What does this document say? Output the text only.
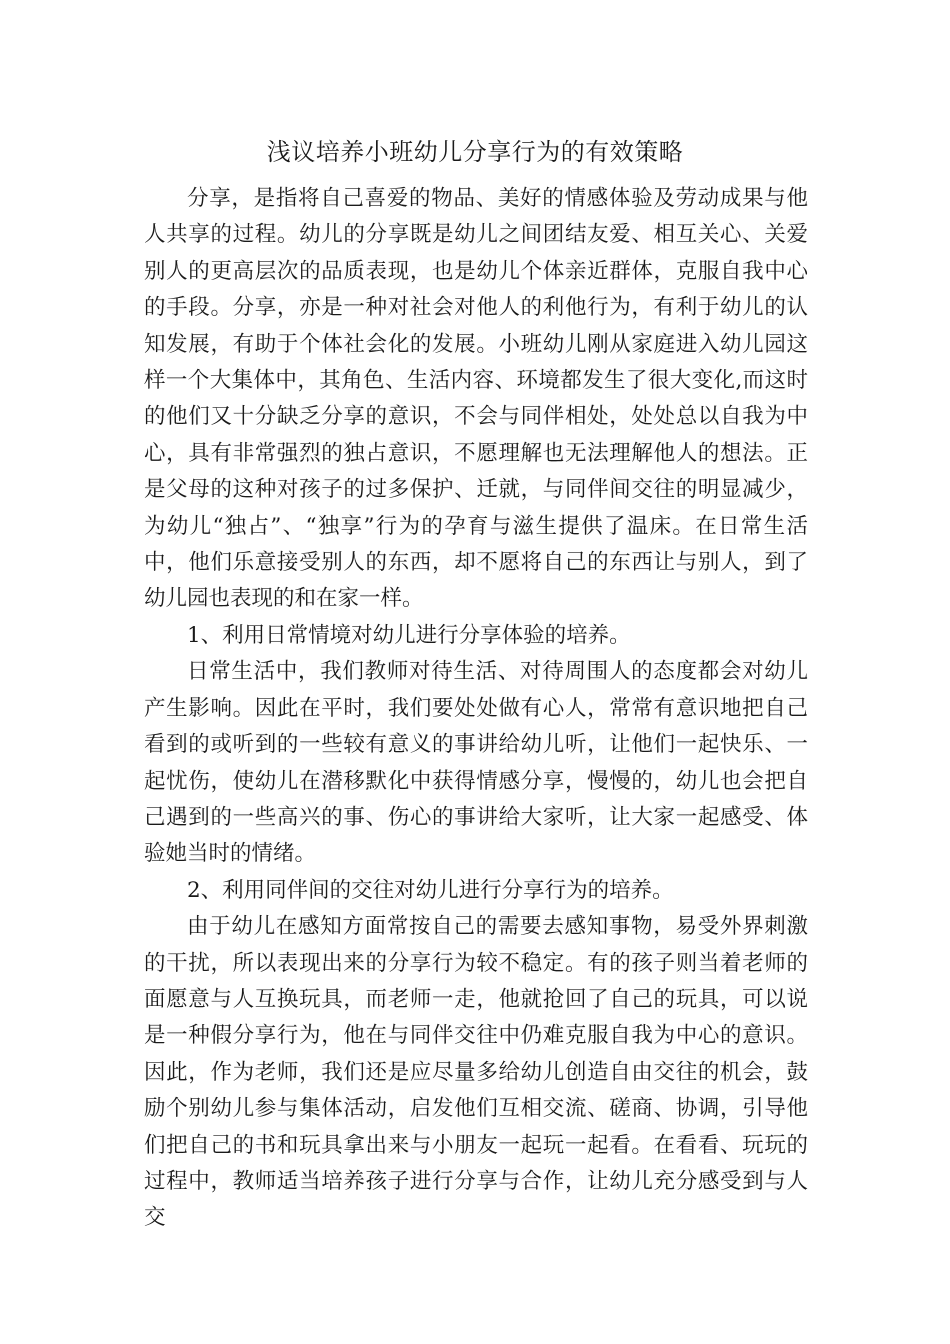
浅议培养小班幼儿分享行为的有效策略

分享，是指将自己喜爱的物品、美好的情感体验及劳动成果与他人共享的过程。幼儿的分享既是幼儿之间团结友爱、相互关心、关爱别人的更高层次的品质表现，也是幼儿个体亲近群体，克服自我中心的手段。分享，亦是一种对社会对他人的利他行为，有利于幼儿的认知发展，有助于个体社会化的发展。小班幼儿刚从家庭进入幼儿园这样一个大集体中，其角色、生活内容、环境都发生了很大变化,而这时的他们又十分缺乏分享的意识，不会与同伴相处，处处总以自我为中心，具有非常强烈的独占意识，不愿理解也无法理解他人的想法。正是父母的这种对孩子的过多保护、迁就，与同伴间交往的明显减少，为幼儿“独占”、“独享”行为的孕育与滋生提供了温床。在日常生活中，他们乐意接受别人的东西，却不愿将自己的东西让与别人，到了幼儿园也表现的和在家一样。

1、利用日常情境对幼儿进行分享体验的培养。

日常生活中，我们教师对待生活、对待周围人的态度都会对幼儿产生影响。因此在平时，我们要处处做有心人，常常有意识地把自己看到的或听到的一些较有意义的事讲给幼儿听，让他们一起快乐、一起忧伤，使幼儿在潜移默化中获得情感分享，慢慢的，幼儿也会把自己遇到的一些高兴的事、伤心的事讲给大家听，让大家一起感受、体验她当时的情绪。

2、利用同伴间的交往对幼儿进行分享行为的培养。

由于幼儿在感知方面常按自己的需要去感知事物，易受外界刺激的干扰，所以表现出来的分享行为较不稳定。有的孩子则当着老师的面愿意与人互换玩具，而老师一走，他就抢回了自己的玩具，可以说是一种假分享行为，他在与同伴交往中仍难克服自我为中心的意识。因此，作为老师，我们还是应尽量多给幼儿创造自由交往的机会，鼓励个别幼儿参与集体活动，启发他们互相交流、磋商、协调，引导他们把自己的书和玩具拿出来与小朋友一起玩一起看。在看看、玩玩的过程中，教师适当培养孩子进行分享与合作，让幼儿充分感受到与人交
